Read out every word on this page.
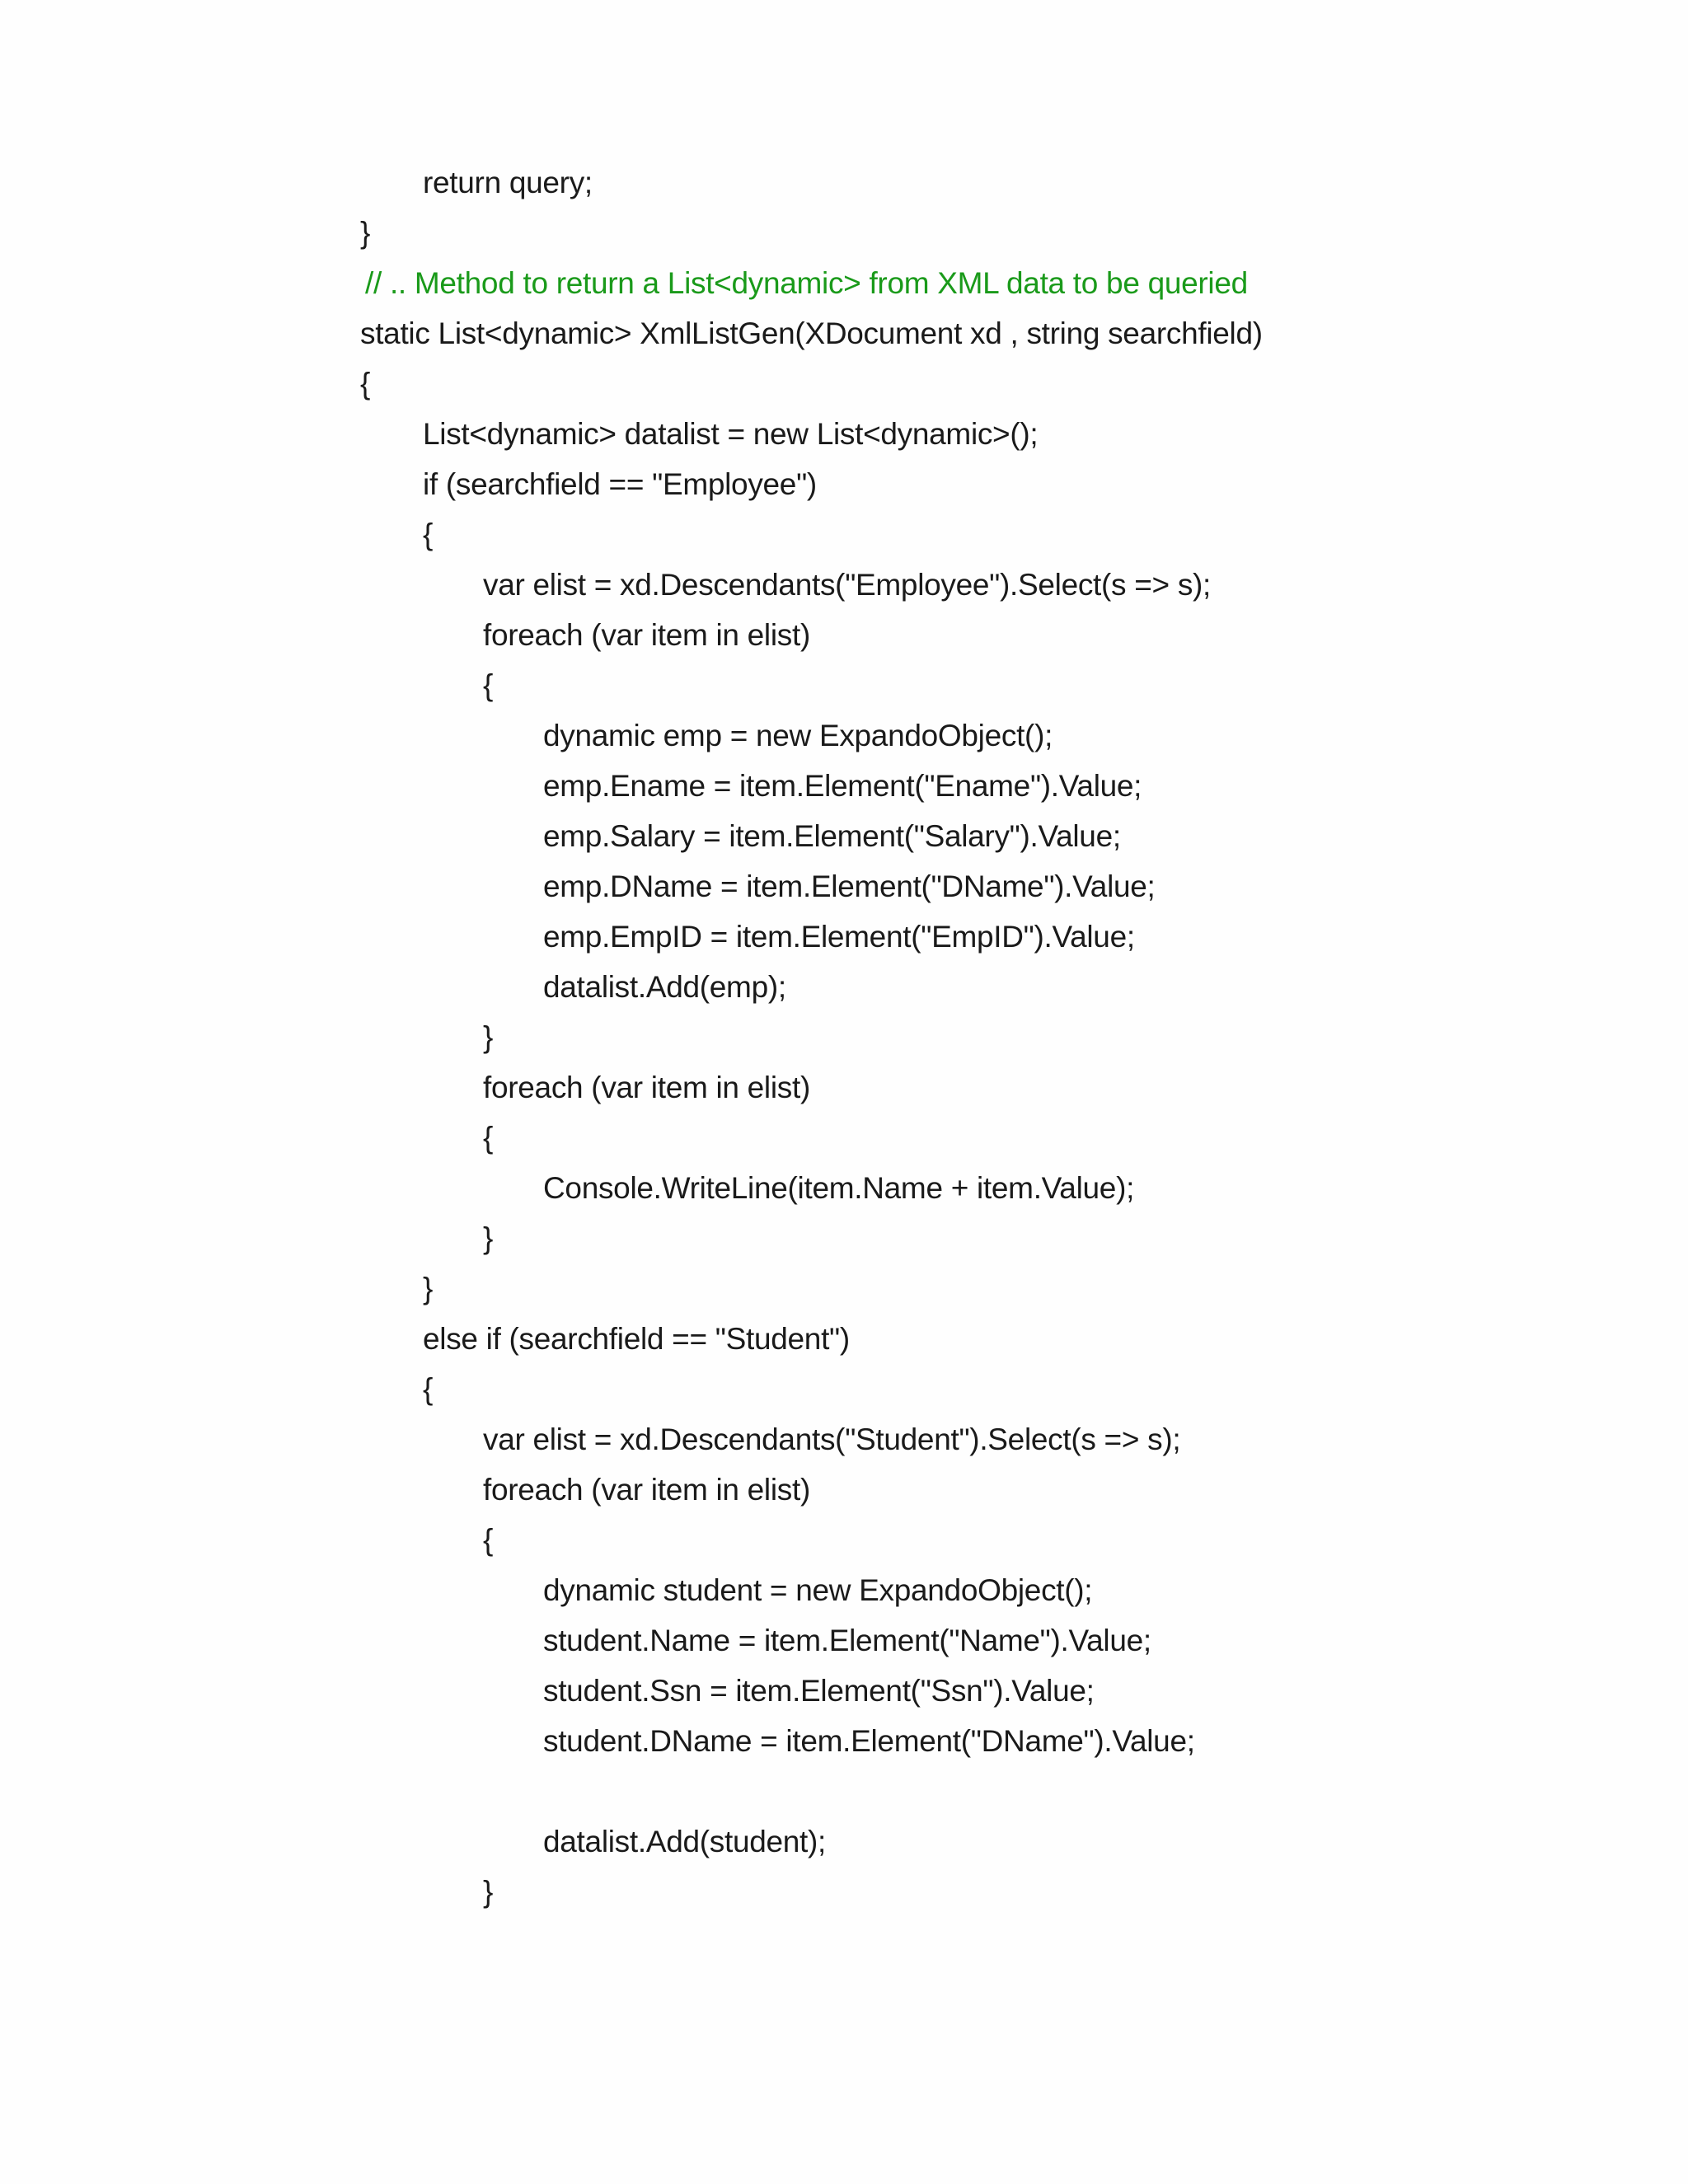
return query;
}
// .. Method to return a List<dynamic> from XML data to be queried
static List<dynamic> XmlListGen(XDocument xd , string searchfield)
{
List<dynamic> datalist = new List<dynamic>();
if (searchfield == "Employee")
{
var elist = xd.Descendants("Employee").Select(s => s);
foreach (var item in elist)
{
dynamic emp = new ExpandoObject();
emp.Ename = item.Element("Ename").Value;
emp.Salary = item.Element("Salary").Value;
emp.DName = item.Element("DName").Value;
emp.EmpID = item.Element("EmpID").Value;
datalist.Add(emp);
}
foreach (var item in elist)
{
Console.WriteLine(item.Name + item.Value);
}
}
else if (searchfield == "Student")
{
var elist = xd.Descendants("Student").Select(s => s);
foreach (var item in elist)
{
dynamic student = new ExpandoObject();
student.Name = item.Element("Name").Value;
student.Ssn = item.Element("Ssn").Value;
student.DName = item.Element("DName").Value;
datalist.Add(student);
}
